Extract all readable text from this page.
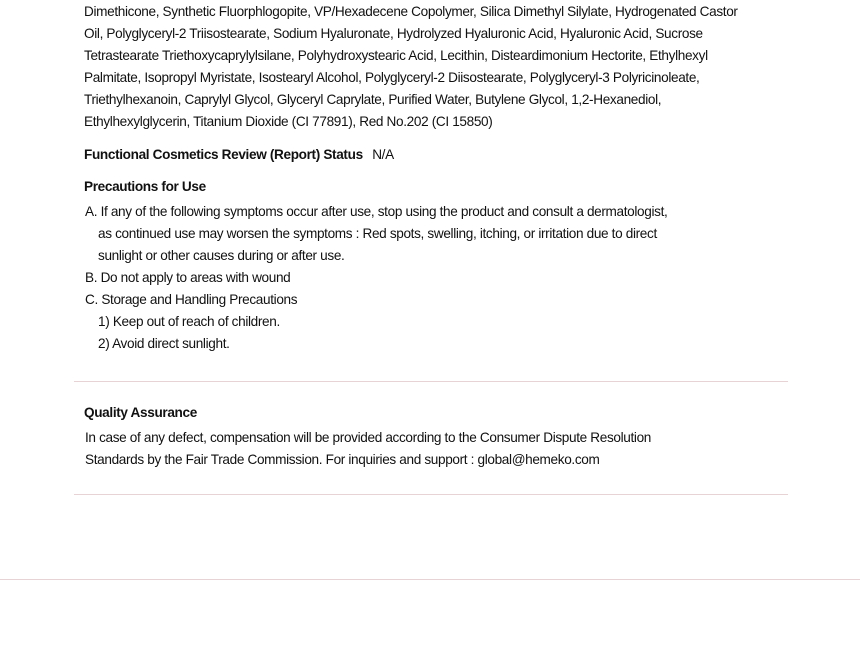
Dimethicone, Synthetic Fluorphlogopite, VP/Hexadecene Copolymer, Silica Dimethyl Silylate, Hydrogenated Castor
Oil, Polyglyceryl-2 Triisostearate, Sodium Hyaluronate, Hydrolyzed Hyaluronic Acid, Hyaluronic Acid, Sucrose
Tetrastearate Triethoxycaprylylsilane, Polyhydroxystearic Acid, Lecithin, Disteardimonium Hectorite, Ethylhexyl
Palmitate, Isopropyl Myristate, Isostearyl Alcohol, Polyglyceryl-2 Diisostearate, Polyglyceryl-3 Polyricinoleate,
Triethylhexanoin, Caprylyl Glycol, Glyceryl Caprylate, Purified Water, Butylene Glycol, 1,2-Hexanediol,
Ethylhexylglycerin, Titanium Dioxide (CI 77891), Red No.202 (CI 15850)

Functional Cosmetics Review (Report) Status N/A
Precautions for Use
A. If any of the following symptoms occur after use, stop using the product and consult a dermatologist,
as continued use may worsen the symptoms : Red spots, swelling, itching, or irritation due to direct
sunlight or other causes during or after use.
B. Do not apply to areas with wound
C. Storage and Handling Precautions
1) Keep out of reach of children.
2) Avoid direct sunlight.
Quality Assurance
In case of any defect, compensation will be provided according to the Consumer Dispute Resolution
Standards by the Fair Trade Commission. For inquiries and support : global@hemeko.com
